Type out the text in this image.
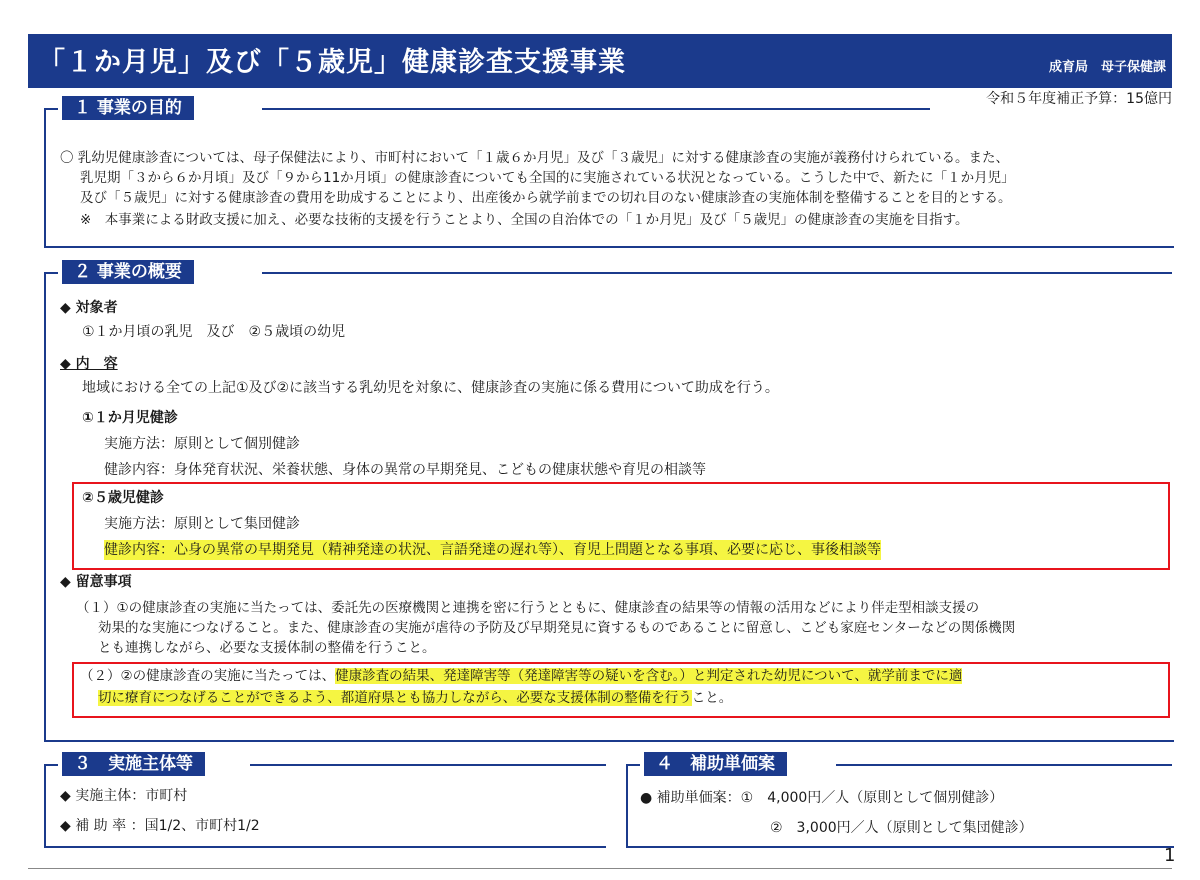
「１か月児」及び「５歳児」健康診査支援事業	成育局　母子保健課
令和５年度補正予算：15億円
１ 事業の目的
〇 乳幼児健康診査については、母子保健法により、市町村において「１歳６か月児」及び「３歳児」に対する健康診査の実施が義務付けられている。また、
乳児期「３から６か月頃」及び「９から11か月頃」の健康診査についても全国的に実施されている状況となっている。こうした中で、新たに「１か月児」
及び「５歳児」に対する健康診査の費用を助成することにより、出産後から就学前までの切れ目のない健康診査の実施体制を整備することを目的とする。
※　本事業による財政支援に加え、必要な技術的支援を行うことより、全国の自治体での「１か月児」及び「５歳児」の健康診査の実施を目指す。
２ 事業の概要
◆ 対象者
①１か月頃の乳児　及び　②５歳頃の幼児
◆ 内　容
地域における全ての上記①及び②に該当する乳幼児を対象に、健康診査の実施に係る費用について助成を行う。
①１か月児健診
実施方法：原則として個別健診
健診内容：身体発育状況、栄養状態、身体の異常の早期発見、こどもの健康状態や育児の相談等
②５歳児健診
実施方法：原則として集団健診
健診内容：心身の異常の早期発見（精神発達の状況、言語発達の遅れ等）、育児上問題となる事項、必要に応じ、事後相談等
◆ 留意事項
（１）①の健康診査の実施に当たっては、委託先の医療機関と連携を密に行うとともに、健康診査の結果等の情報の活用などにより伴走型相談支援の
効果的な実施につなげること。また、健康診査の実施が虐待の予防及び早期発見に資するものであることに留意し、こども家庭センターなどの関係機関
とも連携しながら、必要な支援体制の整備を行うこと。
（２）②の健康診査の実施に当たっては、健康診査の結果、発達障害等（発達障害等の疑いを含む。）と判定された幼児について、就学前までに適
切に療育につなげることができるよう、都道府県とも協力しながら、必要な支援体制の整備を行うこと。
３　実施主体等
◆ 実施主体：市町村
◆ 補 助 率 ：国1/2、市町村1/2
４　補助単価案
● 補助単価案：①　4,000円／人（原則として個別健診）
②　3,000円／人（原則として集団健診）
1
